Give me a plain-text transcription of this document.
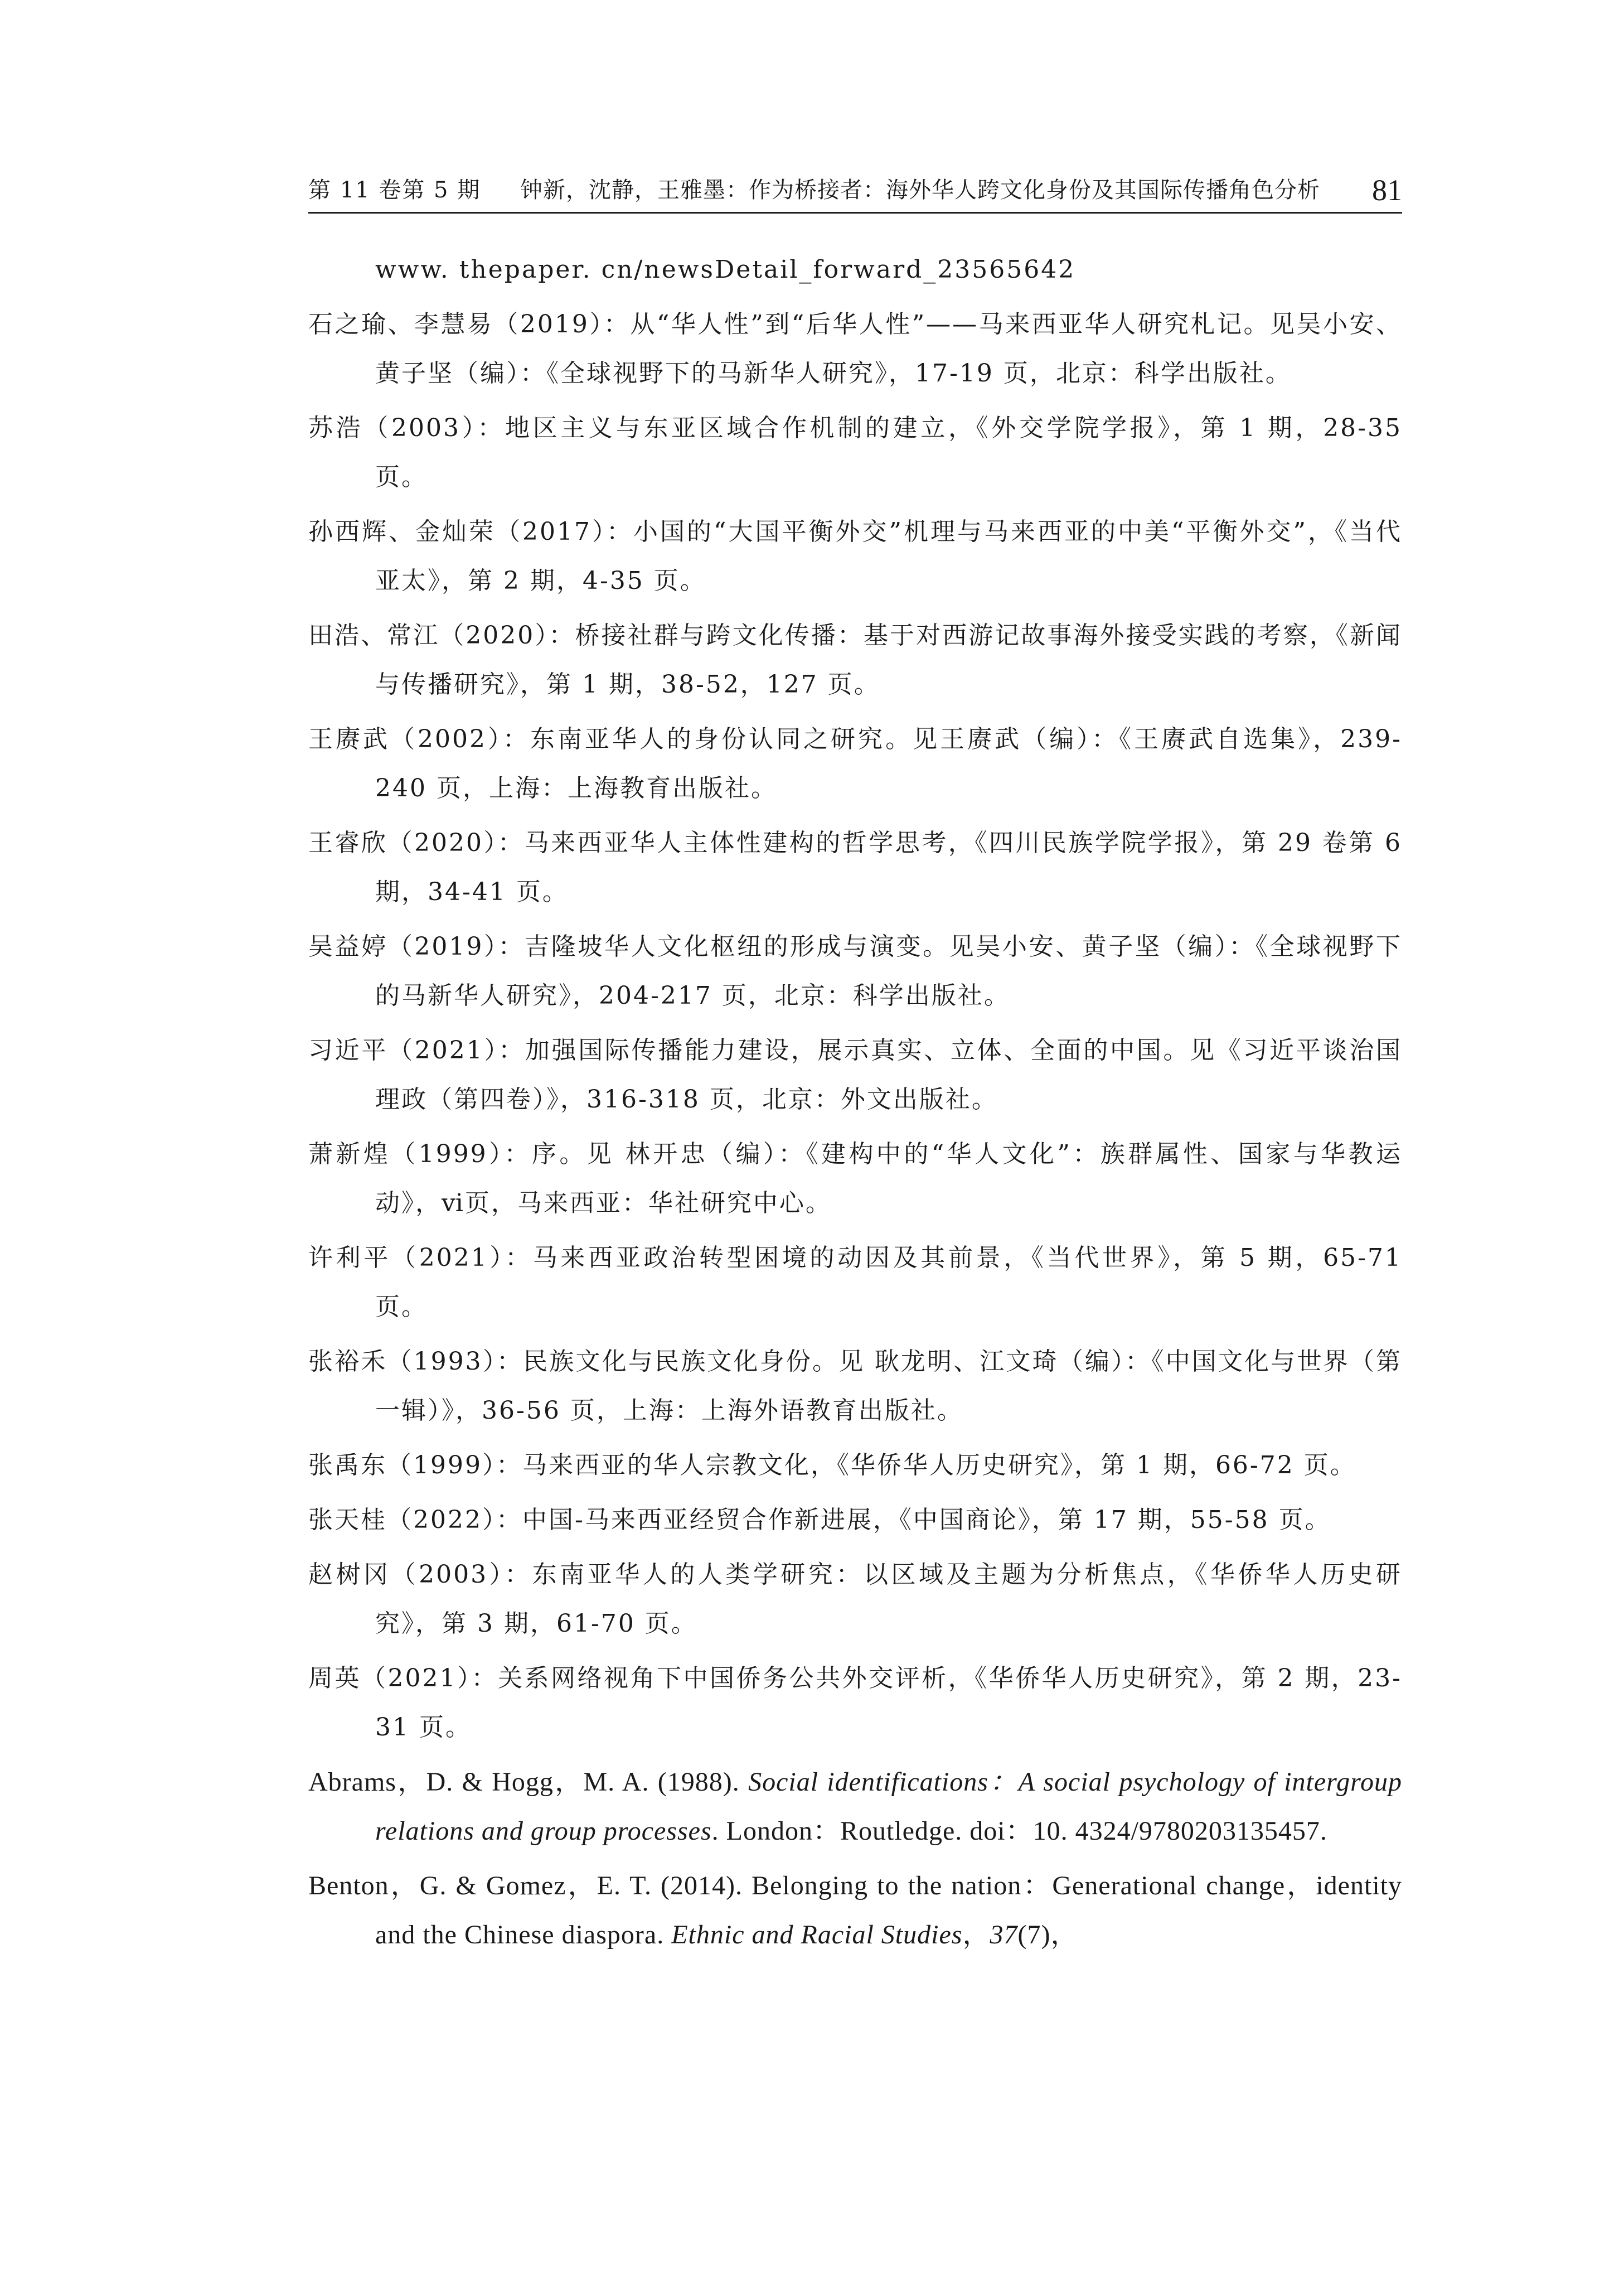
第 11 卷第 5 期 钟新，沈静，王雅墨：作为桥接者：海外华人跨文化身份及其国际传播角色分析 81
www. thepaper. cn/newsDetail_forward_23565642
石之瑜、李慧易（2019）：从“华人性”到“后华人性”——马来西亚华人研究札记。见吴小安、黄子坚（编）：《全球视野下的马新华人研究》，17-19 页，北京：科学出版社。
苏浩（2003）：地区主义与东亚区域合作机制的建立，《外交学院学报》，第 1 期，28-35 页。
孙西辉、金灿荣（2017）：小国的“大国平衡外交”机理与马来西亚的中美“平衡外交”，《当代亚太》，第 2 期，4-35 页。
田浩、常江（2020）：桥接社群与跨文化传播：基于对西游记故事海外接受实践的考察，《新闻与传播研究》，第 1 期，38-52，127 页。
王赓武（2002）：东南亚华人的身份认同之研究。见王赓武（编）：《王赓武自选集》，239-240 页，上海：上海教育出版社。
王睿欣（2020）：马来西亚华人主体性建构的哲学思考，《四川民族学院学报》，第 29 卷第 6 期，34-41 页。
吴益婷（2019）：吉隆坡华人文化枢纽的形成与演变。见吴小安、黄子坚（编）：《全球视野下的马新华人研究》，204-217 页，北京：科学出版社。
习近平（2021）：加强国际传播能力建设，展示真实、立体、全面的中国。见《习近平谈治国理政（第四卷）》，316-318 页，北京：外文出版社。
萧新煌（1999）：序。见 林开忠（编）：《建构中的“华人文化”：族群属性、国家与华教运动》，ⅵ页，马来西亚：华社研究中心。
许利平（2021）：马来西亚政治转型困境的动因及其前景，《当代世界》，第 5 期，65-71 页。
张裕禾（1993）：民族文化与民族文化身份。见 耿龙明、江文琦（编）：《中国文化与世界（第一辑）》，36-56 页，上海：上海外语教育出版社。
张禹东（1999）：马来西亚的华人宗教文化，《华侨华人历史研究》，第 1 期，66-72 页。
张天桂（2022）：中国-马来西亚经贸合作新进展，《中国商论》，第 17 期，55-58 页。
赵树冈（2003）：东南亚华人的人类学研究：以区域及主题为分析焦点，《华侨华人历史研究》，第 3 期，61-70 页。
周英（2021）：关系网络视角下中国侨务公共外交评析，《华侨华人历史研究》，第 2 期，23-31 页。
Abrams，D. & Hogg，M. A. (1988). Social identifications：A social psychology of intergroup relations and group processes. London：Routledge. doi：10. 4324/9780203135457.
Benton，G. & Gomez，E. T. (2014). Belonging to the nation：Generational change，identity and the Chinese diaspora. Ethnic and Racial Studies，37(7)，
